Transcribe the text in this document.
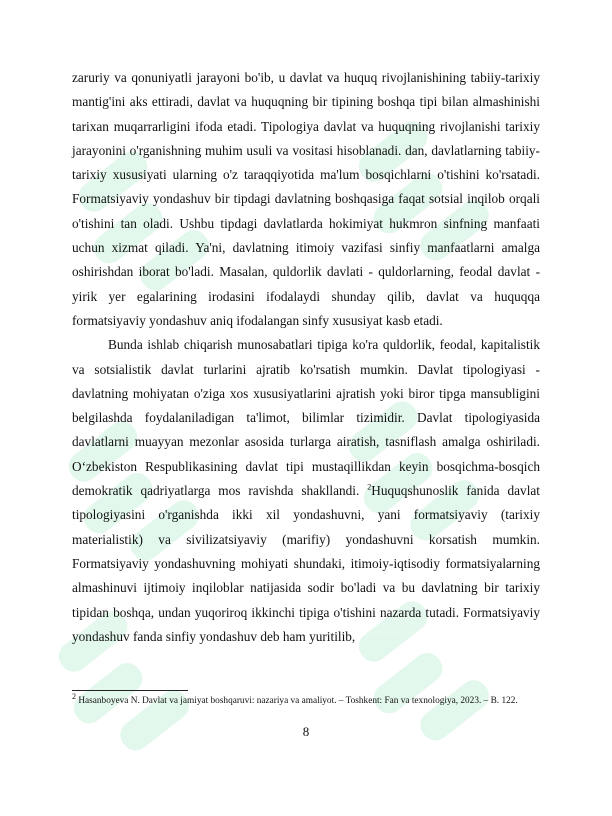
zaruriy va qonuniyatli jarayoni bo'ib, u davlat va huquq rivojlanishining tabiiy-tarixiy mantig'ini aks ettiradi, davlat va huquqning bir tipining boshqa tipi bilan almashinishi tarixan muqarrarligini ifoda etadi. Tipologiya davlat va huquqning rivojlanishi tarixiy jarayonini o'rganishning muhim usuli va vositasi hisoblanadi. dan, davlatlarning tabiiy-tarixiy xususiyati ularning o'z taraqqiyotida ma'lum bosqichlarni o'tishini ko'rsatadi. Formatsiyaviy yondashuv bir tipdagi davlatning boshqasiga faqat sotsial inqilob orqali o'tishini tan oladi. Ushbu tipdagi davlatlarda hokimiyat hukmron sinfning manfaati uchun xizmat qiladi. Ya'ni, davlatning itimoiy vazifasi sinfiy manfaatlarni amalga oshirishdan iborat bo'ladi. Masalan, quldorlik davlati - quldorlarning, feodal davlat - yirik yer egalarining irodasini ifodalaydi shunday qilib, davlat va huquqqa formatsiyaviy yondashuv aniq ifodalangan sinfy xususiyat kasb etadi.

Bunda ishlab chiqarish munosabatlari tipiga ko'ra quldorlik, feodal, kapitalistik va sotsialistik davlat turlarini ajratib ko'rsatish mumkin. Davlat tipologiyasi - davlatning mohiyatan o'ziga xos xususiyatlarini ajratish yoki biror tipga mansubligini belgilashda foydalaniladigan ta'limot, bilimlar tizimidir. Davlat tipologiyasida davlatlarni muayyan mezonlar asosida turlarga airatish, tasniflash amalga oshiriladi. O‘zbekiston Respublikasining davlat tipi mustaqillikdan keyin bosqichma-bosqich demokratik qadriyatlarga mos ravishda shakllandi. $^2$Huquqshunoslik fanida davlat tipologiyasini o'rganishda ikki xil yondashuvni, yani formatsiyaviy (tarixiy materialistik) va sivilizatsiyaviy (marifiy) yondashuvni korsatish mumkin. Formatsiyaviy yondashuvning mohiyati shundaki, itimoiy-iqtisodiy formatsiyalarning almashinuvi ijtimoiy inqiloblar natijasida sodir bo'ladi va bu davlatning bir tarixiy tipidan boshqa, undan yuqoriroq ikkinchi tipiga o'tishini nazarda tutadi. Formatsiyaviy yondashuv fanda sinfiy yondashuv deb ham yuritilib,

$^2$ Hasanboyeva N. Davlat va jamiyat boshqaruvi: nazariya va amaliyot. – Toshkent: Fan va texnologiya, 2023. – B. 122.
8
